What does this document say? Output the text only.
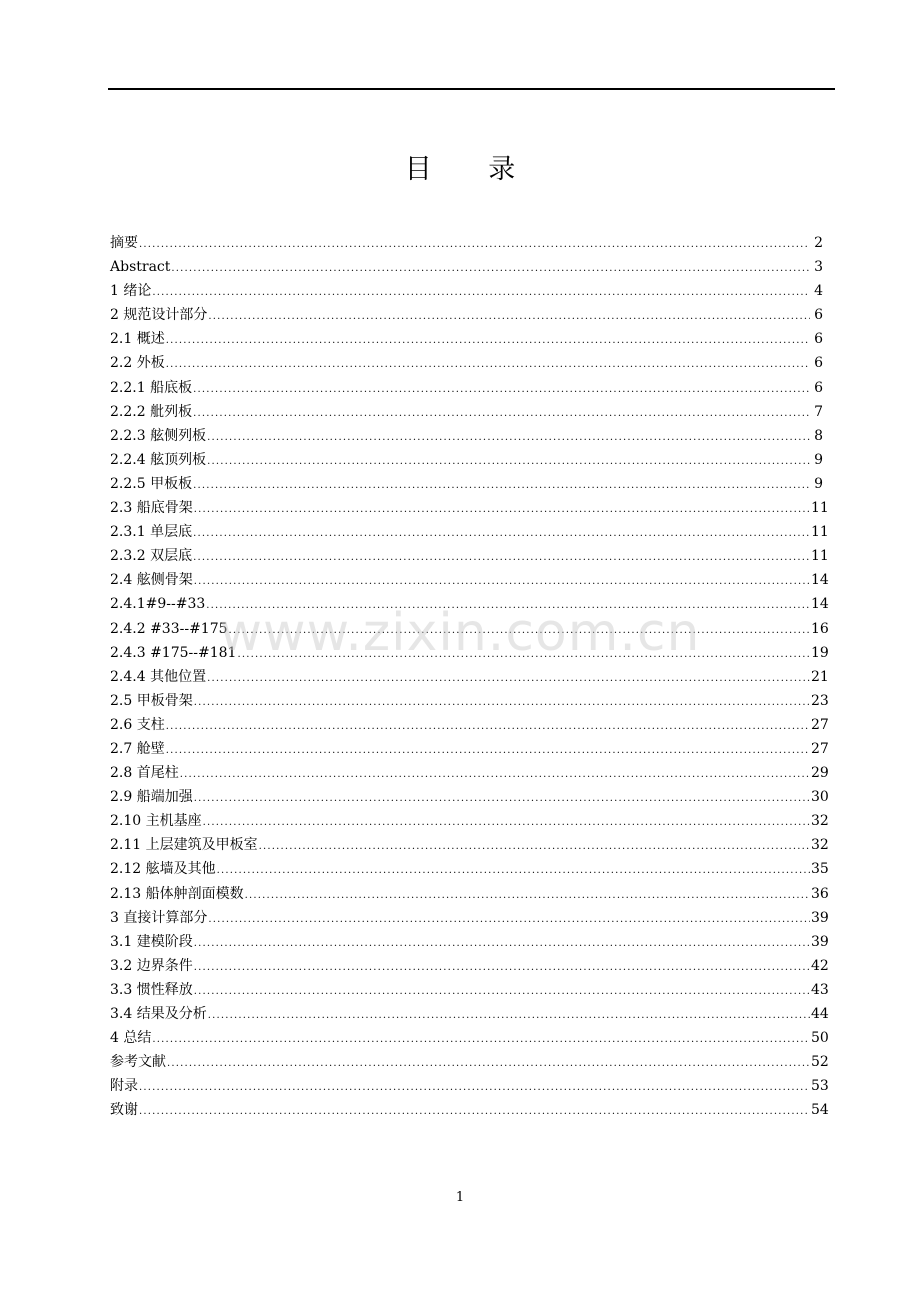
目 录
摘要 .....	2
Abstract .....	3
1 绪论 .....	4
2 规范设计部分 .....	6
2.1 概述 .....	6
2.2 外板 .....	6
2.2.1 船底板 .....	6
2.2.2 舭列板 .....	7
2.2.3 舷侧列板 .....	8
2.2.4 舷顶列板 .....	9
2.2.5 甲板板 .....	9
2.3 船底骨架 .....	11
2.3.1 单层底 .....	11
2.3.2 双层底 .....	11
2.4 舷侧骨架 .....	14
2.4.1#9--#33 .....	14
2.4.2 #33--#175 .....	16
2.4.3 #175--#181 .....	19
2.4.4 其他位置 .....	21
2.5 甲板骨架 .....	23
2.6 支柱 .....	27
2.7 舱壁 .....	27
2.8 首尾柱 .....	29
2.9 船端加强 .....	30
2.10 主机基座 .....	32
2.11 上层建筑及甲板室 .....	32
2.12 舷墙及其他 .....	35
2.13 船体舯剖面模数 .....	36
3 直接计算部分 .....	39
3.1 建模阶段 .....	39
3.2 边界条件 .....	42
3.3 惯性释放 .....	43
3.4 结果及分析 .....	44
4 总结 .....	50
参考文献 .....	52
附录 .....	53
致谢 .....	54
www.zixin.com.cn
1
